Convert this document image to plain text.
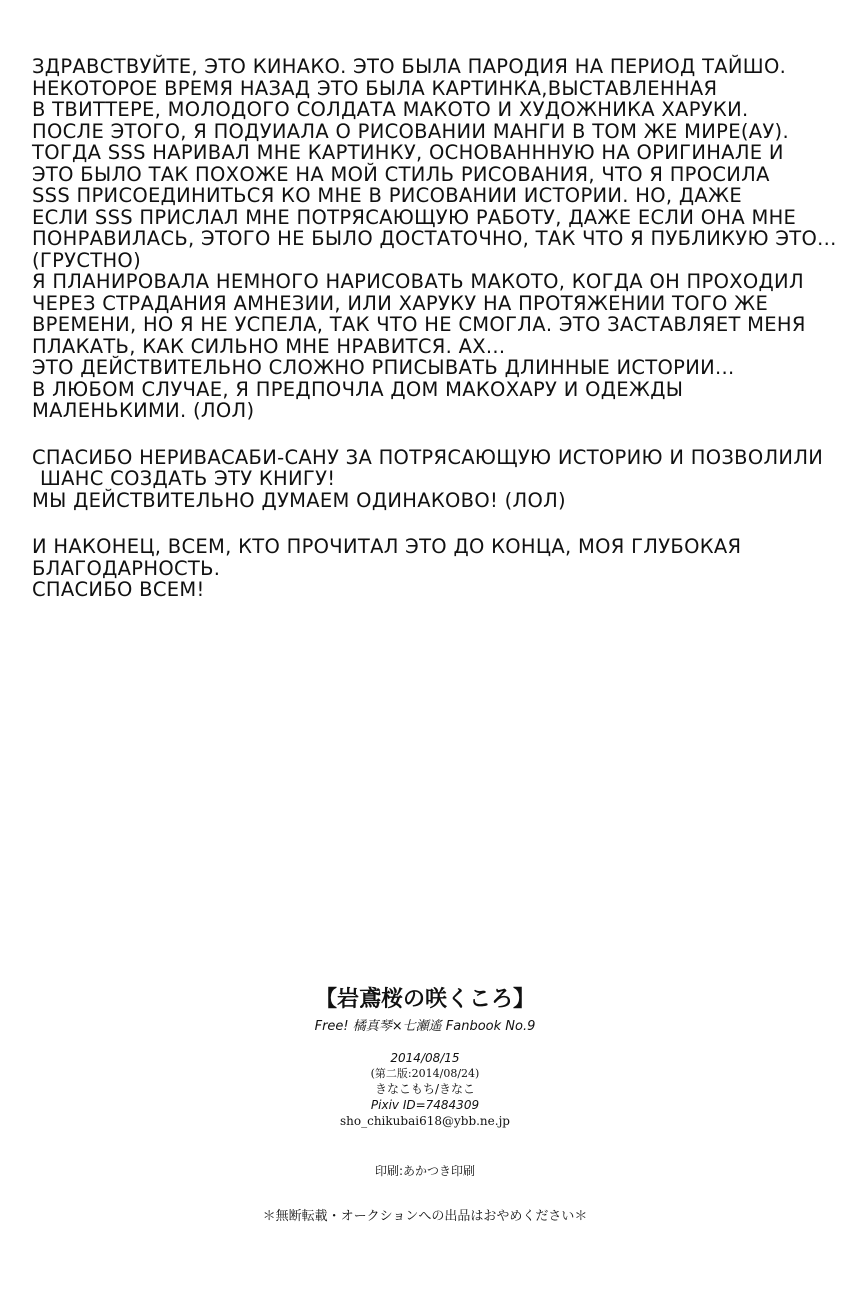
ЗДРАВСТВУЙТЕ, ЭТО КИНАКО. ЭТО БЫЛА ПАРОДИЯ НА ПЕРИОД ТАЙШО.
НЕКОТОРОЕ ВРЕМЯ НАЗАД ЭТО БЫЛА КАРТИНКА,ВЫСТАВЛЕННАЯ
В ТВИТТЕРЕ, МОЛОДОГО СОЛДАТА МАКОТО И ХУДОЖНИКА ХАРУКИ.
ПОСЛЕ ЭТОГО, Я ПОДУИАЛА О РИСОВАНИИ МАНГИ В ТОМ ЖЕ МИРЕ(АУ).
ТОГДА SSS НАРИВАЛ МНЕ КАРТИНКУ, ОСНОВАНННУЮ НА ОРИГИНАЛЕ И
ЭТО БЫЛО ТАК ПОХОЖЕ НА МОЙ СТИЛЬ РИСОВАНИЯ, ЧТО Я ПРОСИЛА
SSS ПРИСОЕДИНИТЬСЯ КО МНЕ В РИСОВАНИИ ИСТОРИИ. НО, ДАЖЕ
ЕСЛИ SSS ПРИСЛАЛ МНЕ ПОТРЯСАЮЩУЮ РАБОТУ, ДАЖЕ ЕСЛИ ОНА МНЕ
ПОНРАВИЛАСЬ, ЭТОГО НЕ БЫЛО ДОСТАТОЧНО, ТАК ЧТО Я ПУБЛИКУЮ ЭТО...
(ГРУСТНО)
Я ПЛАНИРОВАЛА НЕМНОГО НАРИСОВАТЬ МАКОТО, КОГДА ОН ПРОХОДИЛ
ЧЕРЕЗ СТРАДАНИЯ АМНЕЗИИ, ИЛИ ХАРУКУ НА ПРОТЯЖЕНИИ ТОГО ЖЕ
ВРЕМЕНИ, НО Я НЕ УСПЕЛА, ТАК ЧТО НЕ СМОГЛА. ЭТО ЗАСТАВЛЯЕТ МЕНЯ
ПЛАКАТЬ, КАК СИЛЬНО МНЕ НРАВИТСЯ. АХ...
ЭТО ДЕЙСТВИТЕЛЬНО СЛОЖНО РПИСЫВАТЬ ДЛИННЫЕ ИСТОРИИ...
В ЛЮБОМ СЛУЧАЕ, Я ПРЕДПОЧЛА ДОМ МАКОХАРУ И ОДЕЖДЫ
МАЛЕНЬКИМИ. (ЛОЛ)
СПАСИБО НЕРИВАСАБИ-САНУ ЗА ПОТРЯСАЮЩУЮ ИСТОРИЮ И ПОЗВОЛИЛИ
ШАНС СОЗДАТЬ ЭТУ КНИГУ!
МЫ ДЕЙСТВИТЕЛЬНО ДУМАЕМ ОДИНАКОВО! (ЛОЛ)
И НАКОНЕЦ, ВСЕМ, КТО ПРОЧИТАЛ ЭТО ДО КОНЦА, МОЯ ГЛУБОКАЯ
БЛАГОДАРНОСТЬ.
СПАСИБО ВСЕМ!
【岩鳶桜の咲くころ】
Free! 橘真琴×七瀬遙 Fanbook No.9
2014/08/15
(第二版:2014/08/24)
きなこもち/きなこ
Pixiv ID=7484309
sho_chikubai618@ybb.ne.jp
印刷:あかつき印刷
＊無断転載・オークションへの出品はおやめください＊
